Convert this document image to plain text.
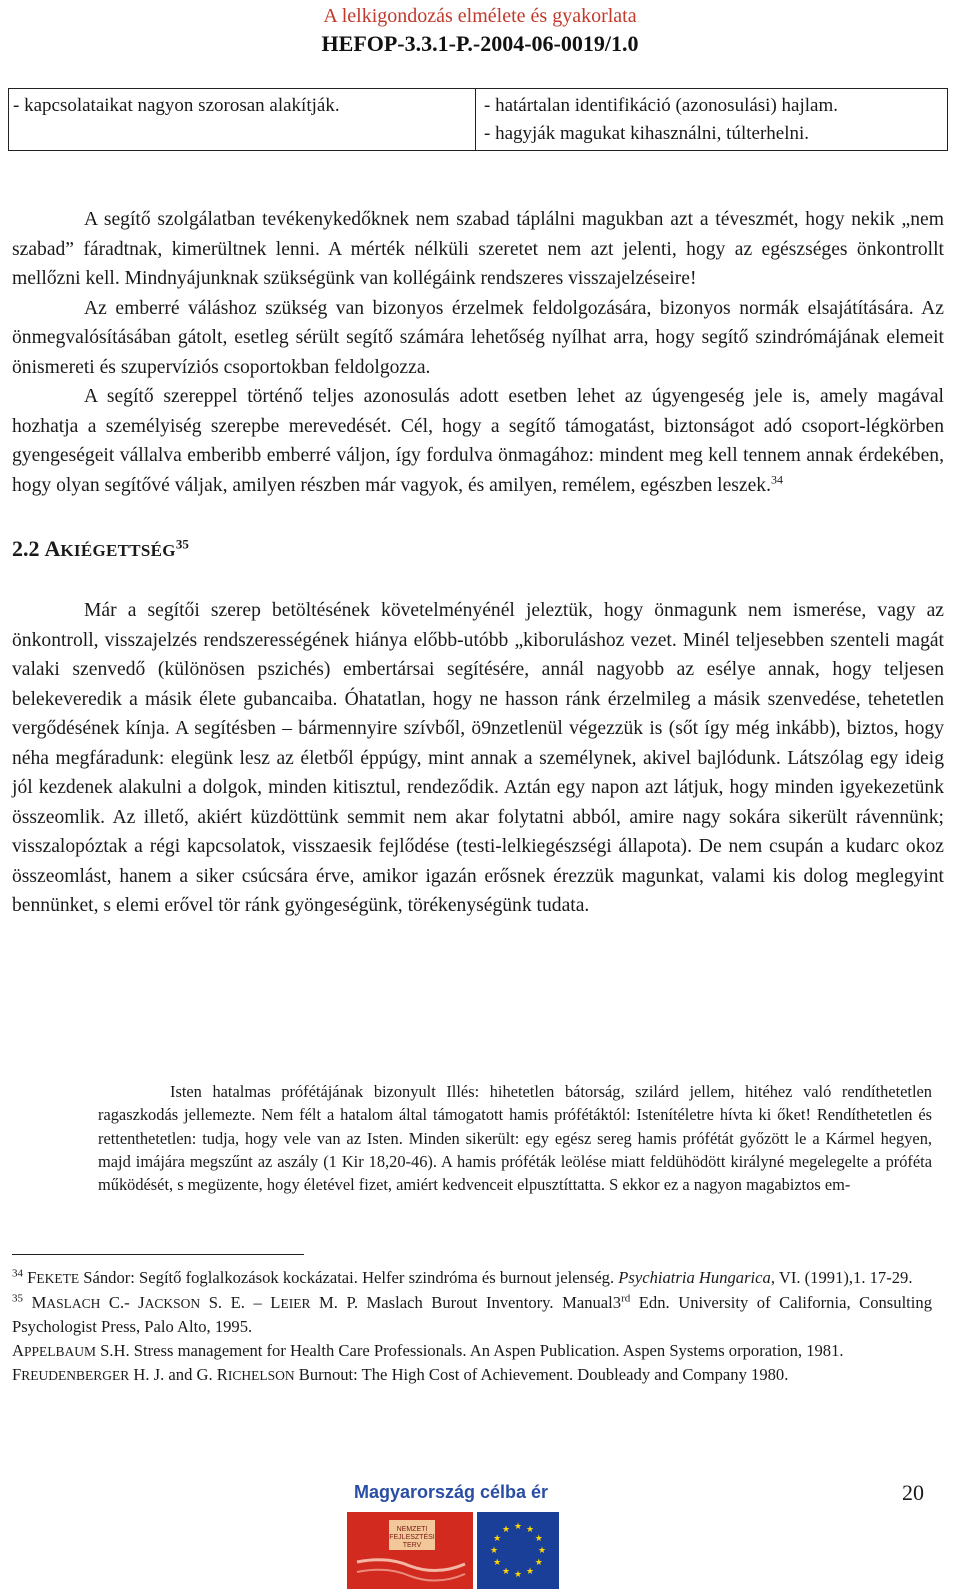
A lelkigondozás elmélete és gyakorlata
HEFOP-3.3.1-P.-2004-06-0019/1.0
- kapcsolataikat nagyon szorosan alakítják.	- határtalan identifikáció (azonosulási) hajlam.
- hagyják magukat kihasználni, túlterhelni.

A segítő szolgálatban tevékenykedőknek nem szabad táplálni magukban azt a téveszmét, hogy nekik „nem szabad” fáradtnak, kimerültnek lenni. A mérték nélküli szeretet nem azt jelenti, hogy az egészséges önkontrollt mellőzni kell. Mindnyájunknak szükségünk van kollégáink rendszeres visszajelzéseire!

Az emberré váláshoz szükség van bizonyos érzelmek feldolgozására, bizonyos normák elsajátítására. Az önmegvalósításában gátolt, esetleg sérült segítő számára lehetőség nyílhat arra, hogy segítő szindrómájának elemeit önismereti és szupervíziós csoportokban feldolgozza.

A segítő szereppel történő teljes azonosulás adott esetben lehet az úgyengeség jele is, amely magával hozhatja a személyiség szerepbe merevedését. Cél, hogy a segítő támogatást, biztonságot adó csoport-légkörben gyengeségeit vállalva emberibb emberré váljon, így fordulva önmagához: mindent meg kell tennem annak érdekében, hogy olyan segítővé váljak, amilyen részben már vagyok, és amilyen, remélem, egészben leszek.$^{34}$

2.2 AKIÉGETTSÉG$^{35}$

Már a segítői szerep betöltésének követelményénél jeleztük, hogy önmagunk nem ismerése, vagy az önkontroll, visszajelzés rendszerességének hiánya előbb-utóbb „kiboruláshoz vezet. Minél teljesebben szenteli magát valaki szenvedő (különösen pszichés) embertársai segítésére, annál nagyobb az esélye annak, hogy teljesen belekeveredik a másik élete gubancaiba. Óhatatlan, hogy ne hasson ránk érzelmileg a másik szenvedése, tehetetlen vergődésének kínja. A segítésben – bármennyire szívből, ö9nzetlenül végezzük is (sőt így még inkább), biztos, hogy néha megfáradunk: elegünk lesz az életből éppúgy, mint annak a személynek, akivel bajlódunk. Látszólag egy ideig jól kezdenek alakulni a dolgok, minden kitisztul, rendeződik. Aztán egy napon azt látjuk, hogy minden igyekezetünk összeomlik. Az illető, akiért küzdöttünk semmit nem akar folytatni abból, amire nagy sokára sikerült rávennünk; visszalopóztak a régi kapcsolatok, visszaesik fejlődése (testi-lelkiegészségi állapota). De nem csupán a kudarc okoz összeomlást, hanem a siker csúcsára érve, amikor igazán erősnek érezzük magunkat, valami kis dolog meglegyint bennünket, s elemi erővel tör ránk gyöngeségünk, törékenységünk tudata.

Isten hatalmas prófétájának bizonyult Illés: hihetetlen bátorság, szilárd jellem, hitéhez való rendíthetetlen ragaszkodás jellemezte. Nem félt a hatalom által támogatott hamis prófétáktól: Istenítéletre hívta ki őket! Rendíthetetlen és rettenthetetlen: tudja, hogy vele van az Isten. Minden sikerült: egy egész sereg hamis prófétát győzött le a Kármel hegyen, majd imájára megszűnt az aszály (1 Kir 18,20-46). A hamis próféták leölése miatt feldühödött királyné megelegelte a próféta működését, s megüzente, hogy életével fizet, amiért kedvenceit elpusztíttatta. S ekkor ez a nagyon magabiztos em-

$^{34}$ FEKETE Sándor: Segítő foglalkozások kockázatai. Helfer szindróma és burnout jelenség. Psychiatria Hungarica, VI. (1991),1. 17-29.

$^{35}$ MASLACH C.- JACKSON S. E. – LEIER M. P. Maslach Burout Inventory. Manual3rd Edn. University of California, Consulting Psychologist Press, Palo Alto, 1995.

APPELBAUM S.H. Stress management for Health Care Professionals. An Aspen Publication. Aspen Systems orporation, 1981.

FREUDENBERGER H. J. and G. RICHELSON Burnout: The High Cost of Achievement. Doubleady and Company 1980.

Magyarország célba ér
NEMZETI
FEJLESZTÉSI
TERV
★ ★
★
★
★
★
★
★
★
★
★
★
20
